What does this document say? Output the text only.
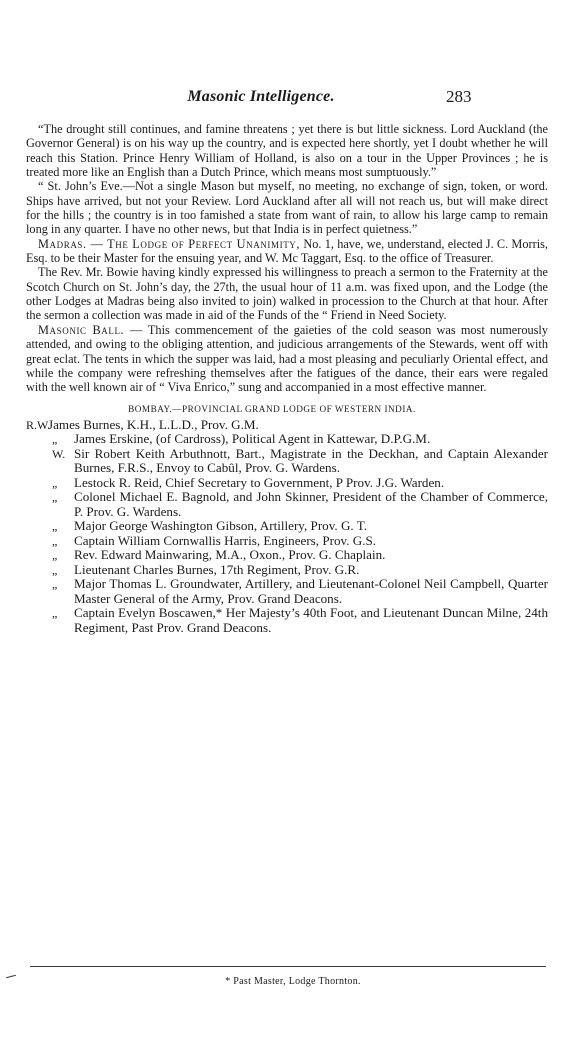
Masonic Intelligence.	283

“The drought still continues, and famine threatens ; yet there is but little sickness. Lord Auckland (the Governor General) is on his way up the country, and is expected here shortly, yet I doubt whether he will reach this Station. Prince Henry William of Holland, is also on a tour in the Upper Provinces ; he is treated more like an English than a Dutch Prince, which means most sumptuously.”

“ St. John’s Eve.—Not a single Mason but myself, no meeting, no exchange of sign, token, or word. Ships have arrived, but not your Review. Lord Auckland after all will not reach us, but will make direct for the hills ; the country is in too famished a state from want of rain, to allow his large camp to remain long in any quarter. I have no other news, but that India is in perfect quietness.”

Madras. — The Lodge of Perfect Unanimity, No. 1, have, we, understand, elected J. C. Morris, Esq. to be their Master for the ensuing year, and W. Mc Taggart, Esq. to the office of Treasurer.

The Rev. Mr. Bowie having kindly expressed his willingness to preach a sermon to the Fraternity at the Scotch Church on St. John’s day, the 27th, the usual hour of 11 a.m. was fixed upon, and the Lodge (the other Lodges at Madras being also invited to join) walked in procession to the Church at that hour. After the sermon a collection was made in aid of the Funds of the “ Friend in Need Society.

Masonic Ball. — This commencement of the gaieties of the cold season was most numerously attended, and owing to the obliging attention, and judicious arrangements of the Stewards, went off with great eclat. The tents in which the supper was laid, had a most pleasing and peculiarly Oriental effect, and while the company were refreshing themselves after the fatigues of the dance, their ears were regaled with the well known air of “ Viva Enrico,” sung and accompanied in a most effective manner.

BOMBAY.—PROVINCIAL GRAND LODGE OF WESTERN INDIA.

R.W.James Burnes, K.H., L.L.D., Prov. G.M.
„ James Erskine, (of Cardross), Political Agent in Kattewar, D.P.G.M.
W. Sir Robert Keith Arbuthnott, Bart., Magistrate in the Deckhan, and Captain Alexander Burnes, F.R.S., Envoy to Cabûl, Prov. G. Wardens.
„ Lestock R. Reid, Chief Secretary to Government, P Prov. J.G. Warden.
„ Colonel Michael E. Bagnold, and John Skinner, President of the Chamber of Commerce, P. Prov. G. Wardens.
„ Major George Washington Gibson, Artillery, Prov. G. T.
„ Captain William Cornwallis Harris, Engineers, Prov. G.S.
„ Rev. Edward Mainwaring, M.A., Oxon., Prov. G. Chaplain.
„ Lieutenant Charles Burnes, 17th Regiment, Prov. G.R.
„ Major Thomas L. Groundwater, Artillery, and Lieutenant-Colonel Neil Campbell, Quarter Master General of the Army, Prov. Grand Deacons.
„ Captain Evelyn Boscawen,* Her Majesty’s 40th Foot, and Lieutenant Duncan Milne, 24th Regiment, Past Prov. Grand Deacons.
* Past Master, Lodge Thornton.
